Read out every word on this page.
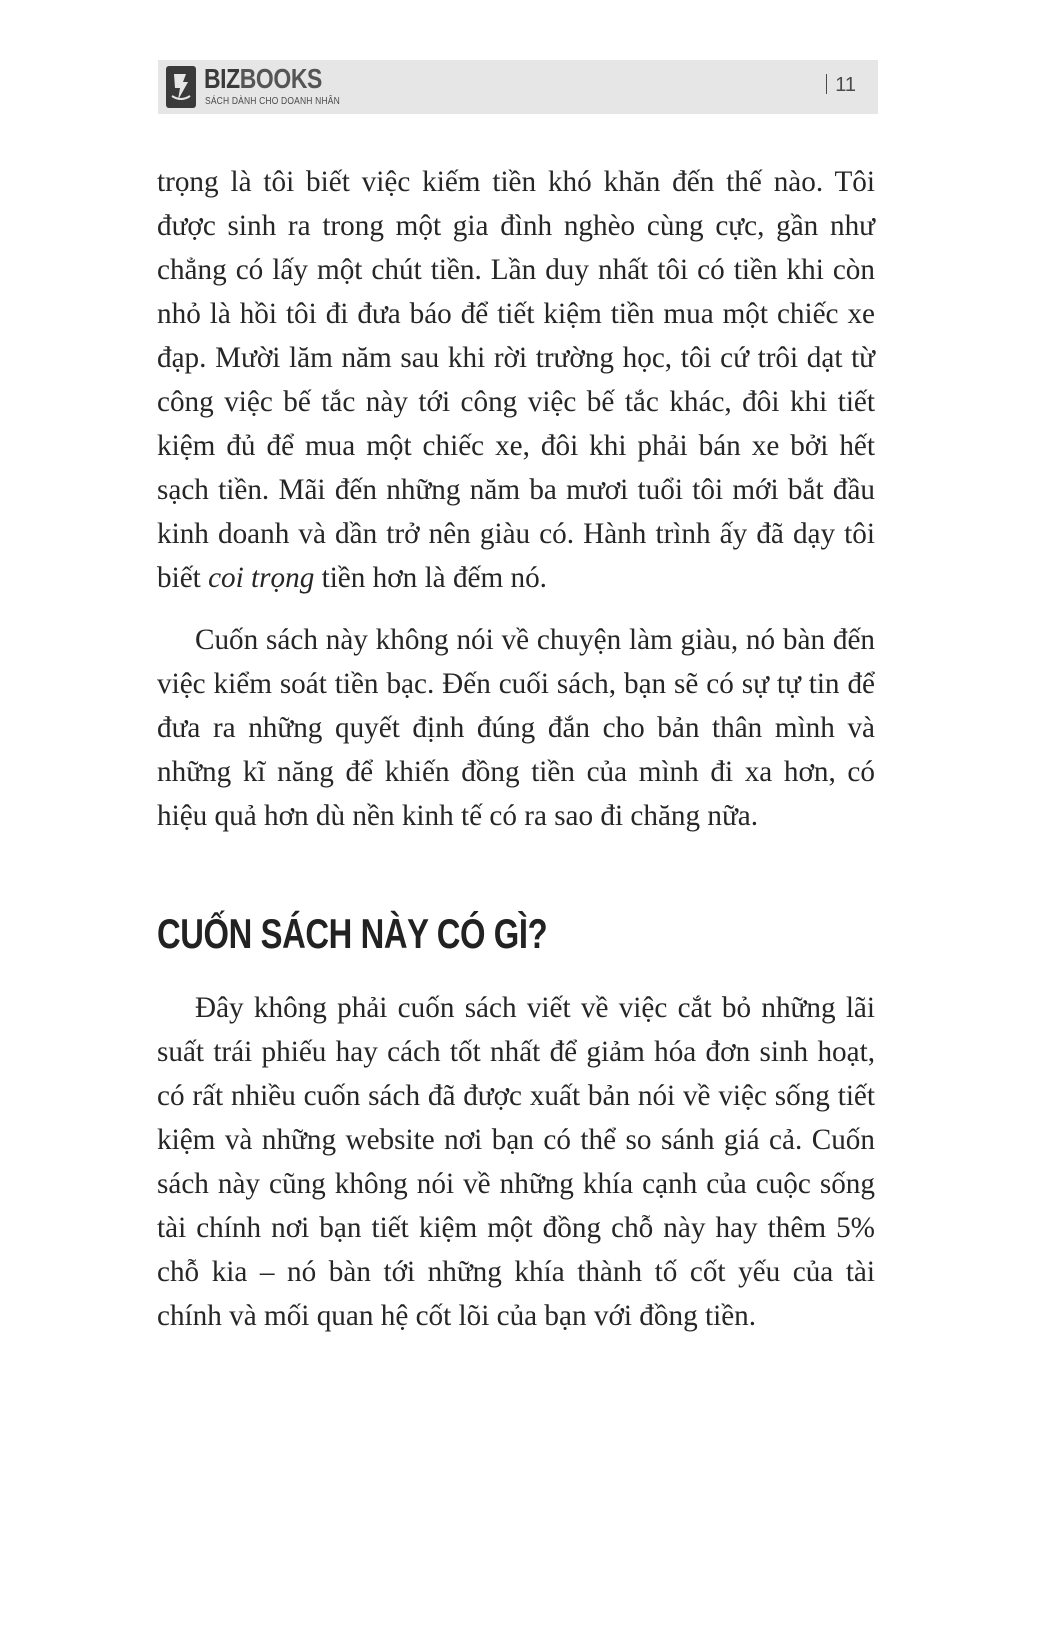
BIZBOOKS
SÁCH DÀNH CHO DOANH NHÂN
11

trọng là tôi biết việc kiếm tiền khó khăn đến thế nào. Tôi được sinh ra trong một gia đình nghèo cùng cực, gần như chẳng có lấy một chút tiền. Lần duy nhất tôi có tiền khi còn nhỏ là hồi tôi đi đưa báo để tiết kiệm tiền mua một chiếc xe đạp. Mười lăm năm sau khi rời trường học, tôi cứ trôi dạt từ công việc bế tắc này tới công việc bế tắc khác, đôi khi tiết kiệm đủ để mua một chiếc xe, đôi khi phải bán xe bởi hết sạch tiền. Mãi đến những năm ba mươi tuổi tôi mới bắt đầu kinh doanh và dần trở nên giàu có. Hành trình ấy đã dạy tôi biết coi trọng tiền hơn là đếm nó.

Cuốn sách này không nói về chuyện làm giàu, nó bàn đến việc kiểm soát tiền bạc. Đến cuối sách, bạn sẽ có sự tự tin để đưa ra những quyết định đúng đắn cho bản thân mình và những kĩ năng để khiến đồng tiền của mình đi xa hơn, có hiệu quả hơn dù nền kinh tế có ra sao đi chăng nữa.

CUỐN SÁCH NÀY CÓ GÌ?

Đây không phải cuốn sách viết về việc cắt bỏ những lãi suất trái phiếu hay cách tốt nhất để giảm hóa đơn sinh hoạt, có rất nhiều cuốn sách đã được xuất bản nói về việc sống tiết kiệm và những website nơi bạn có thể so sánh giá cả. Cuốn sách này cũng không nói về những khía cạnh của cuộc sống tài chính nơi bạn tiết kiệm một đồng chỗ này hay thêm 5% chỗ kia – nó bàn tới những khía thành tố cốt yếu của tài chính và mối quan hệ cốt lõi của bạn với đồng tiền.
